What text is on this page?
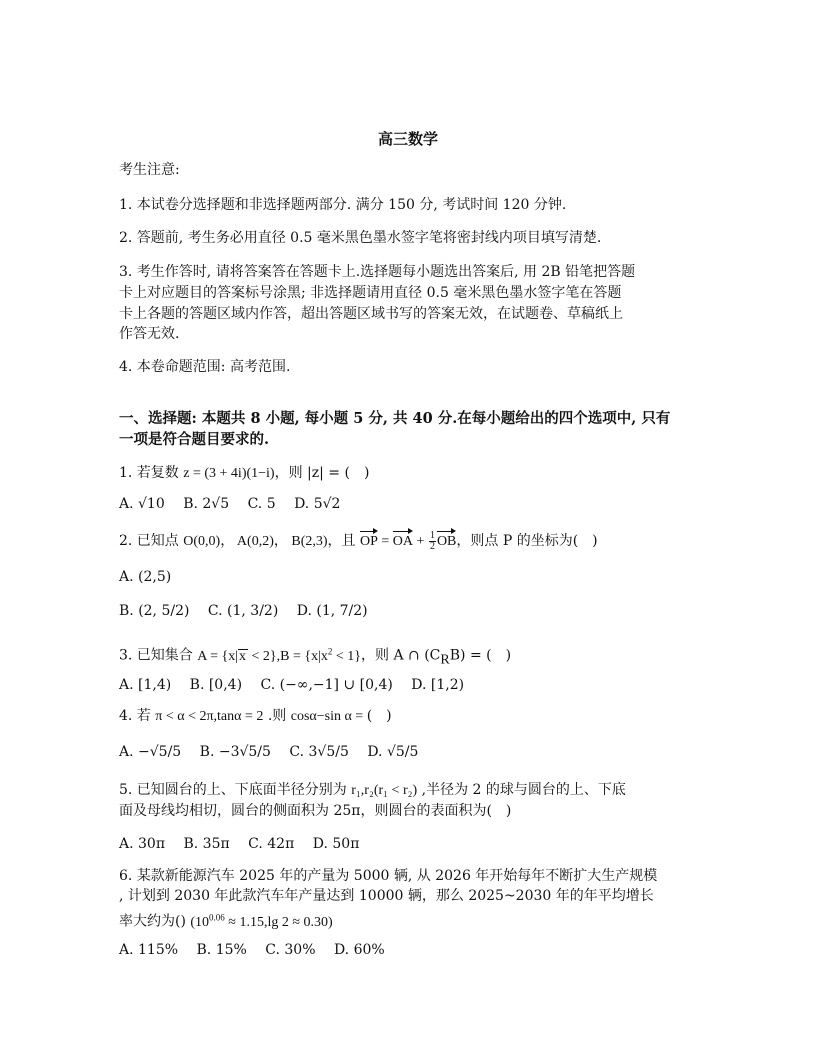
高三数学
考生注意:
1. 本试卷分选择题和非选择题两部分. 满分 150 分, 考试时间 120 分钟.
2. 答题前, 考生务必用直径 0.5 毫米黑色墨水签字笔将密封线内项目填写清楚.
3. 考生作答时, 请将答案答在答题卡上.选择题每小题选出答案后, 用 2B 铅笔把答题
卡上对应题目的答案标号涂黑; 非选择题请用直径 0.5 毫米黑色墨水签字笔在答题
卡上各题的答题区域内作答，超出答题区域书写的答案无效，在试题卷、草稿纸上
作答无效.
4. 本卷命题范围: 高考范围.
一、选择题: 本题共 8 小题, 每小题 5 分, 共 40 分.在每小题给出的四个选项中, 只有
一项是符合题目要求的.
1. 若复数 z = (3 + 4i)(1−i)，则 |z| = (　)
A. √10 B. 2√5 C. 5 D. 5√2
2. 已知点 O(0,0)， A(0,2)， B(2,3)，且 OP = OA + $\frac{1}{2}$ OB，则点 P 的坐标为(　)
A. (2,5)
B. (2, 5/2) C. (1, 3/2) D. (1, 7/2)
3. 已知集合 $A = \{x|x < 2\},B = \{x|x^2 < 1\}$，则 A ∩ $(C_RB)$ = (　)
A. [1,4) B. [0,4) C. (−∞,−1] ∪ [0,4) D. [1,2)
4. 若 π < α < 2π,tanα = 2 .则 cosα−sin α = (　)
A. −√5/5 B. −3√5/5 C. 3√5/5 D. √5/5
5. 已知圆台的上、下底面半径分别为 r₁,r₂(r₁ < r₂) ,半径为 2 的球与圆台的上、下底
面及母线均相切，圆台的侧面积为 25π，则圆台的表面积为(　)
A. 30π B. 35π C. 42π D. 50π
6. 某款新能源汽车 2025 年的产量为 5000 辆, 从 2026 年开始每年不断扩大生产规模
, 计划到 2030 年此款汽车年产量达到 10000 辆，那么 2025~2030 年的年平均增长
率大约为() ($10^{0.06} \approx 1.15,\lg$ 2 ≈ 0.30)
A. 115% B. 15% C. 30% D. 60%
